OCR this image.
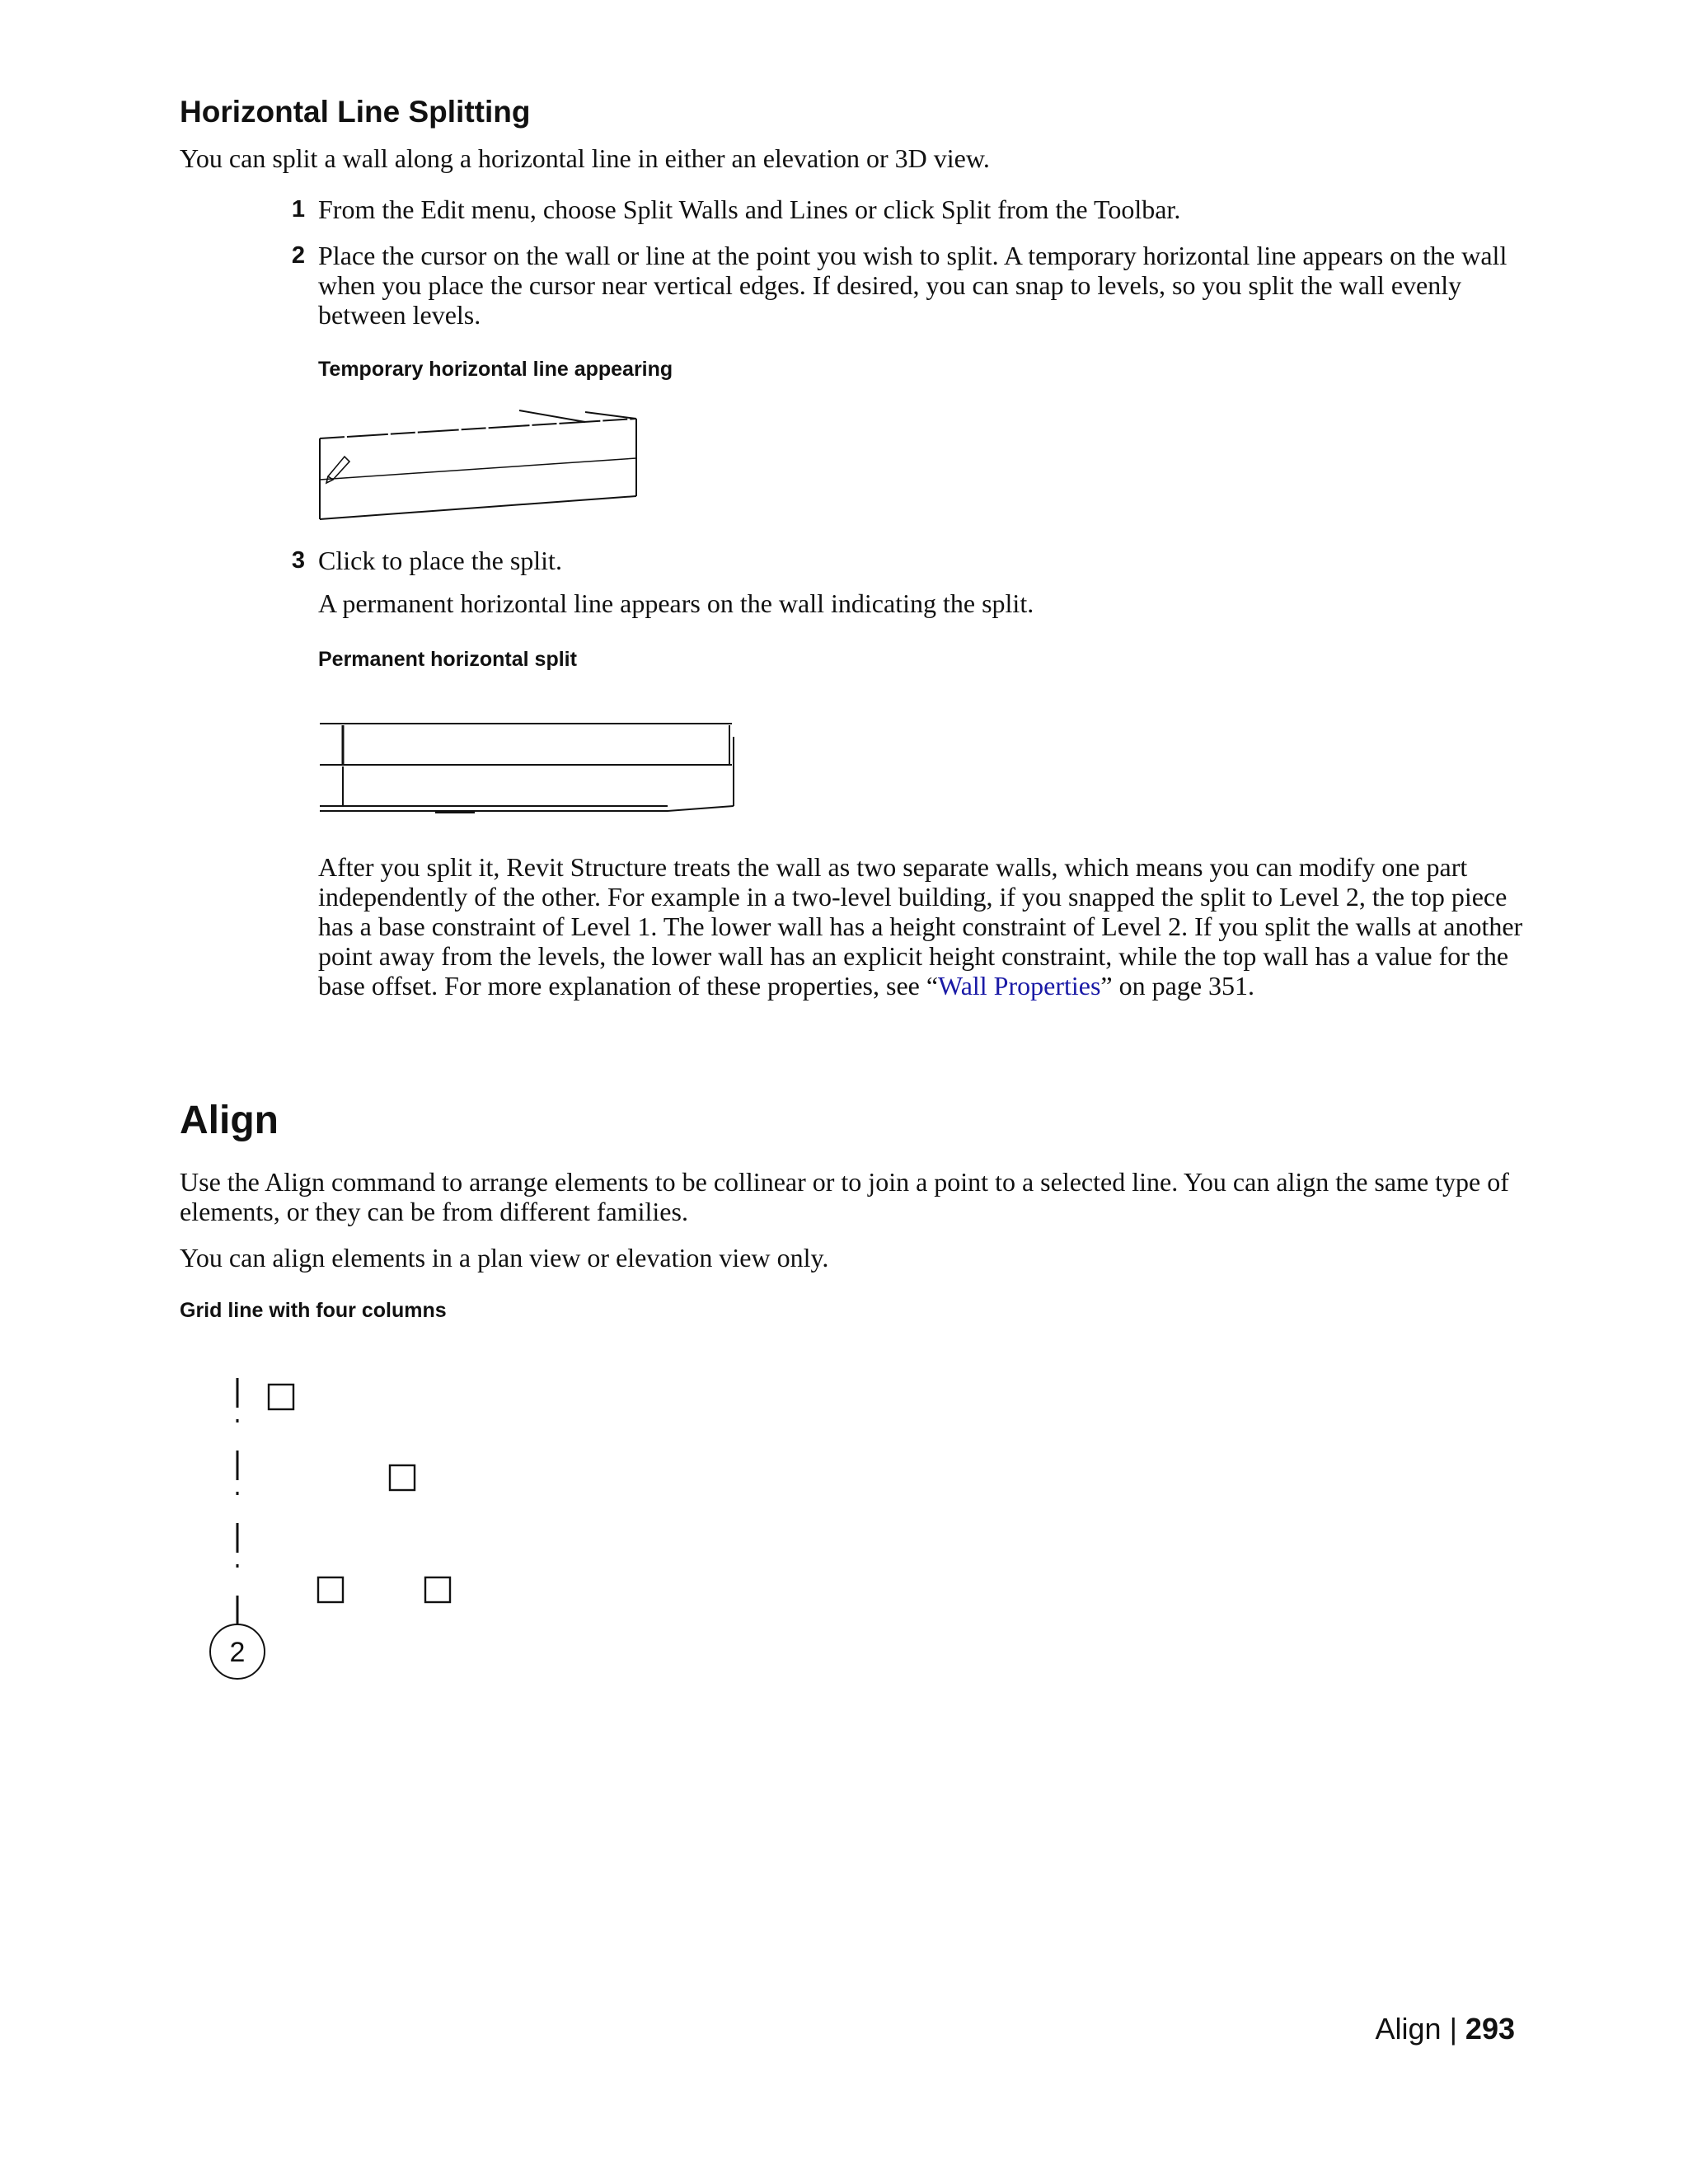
Horizontal Line Splitting

You can split a wall along a horizontal line in either an elevation or 3D view.

1 From the Edit menu, choose Split Walls and Lines or click Split from the Toolbar.

2 Place the cursor on the wall or line at the point you wish to split. A temporary horizontal line appears on the wall when you place the cursor near vertical edges. If desired, you can snap to levels, so you split the wall evenly between levels.

Temporary horizontal line appearing
3 Click to place the split.

A permanent horizontal line appears on the wall indicating the split.

Permanent horizontal split

After you split it, Revit Structure treats the wall as two separate walls, which means you can modify one part independently of the other. For example in a two-level building, if you snapped the split to Level 2, the top piece has a base constraint of Level 1. The lower wall has a height constraint of Level 2. If you split the walls at another point away from the levels, the lower wall has an explicit height constraint, while the top wall has a value for the base offset. For more explanation of these properties, see “Wall Properties” on page 351.

Align

Use the Align command to arrange elements to be collinear or to join a point to a selected line. You can align the same type of elements, or they can be from different families.

You can align elements in a plan view or elevation view only.

Grid line with four columns
2
Align | 293
